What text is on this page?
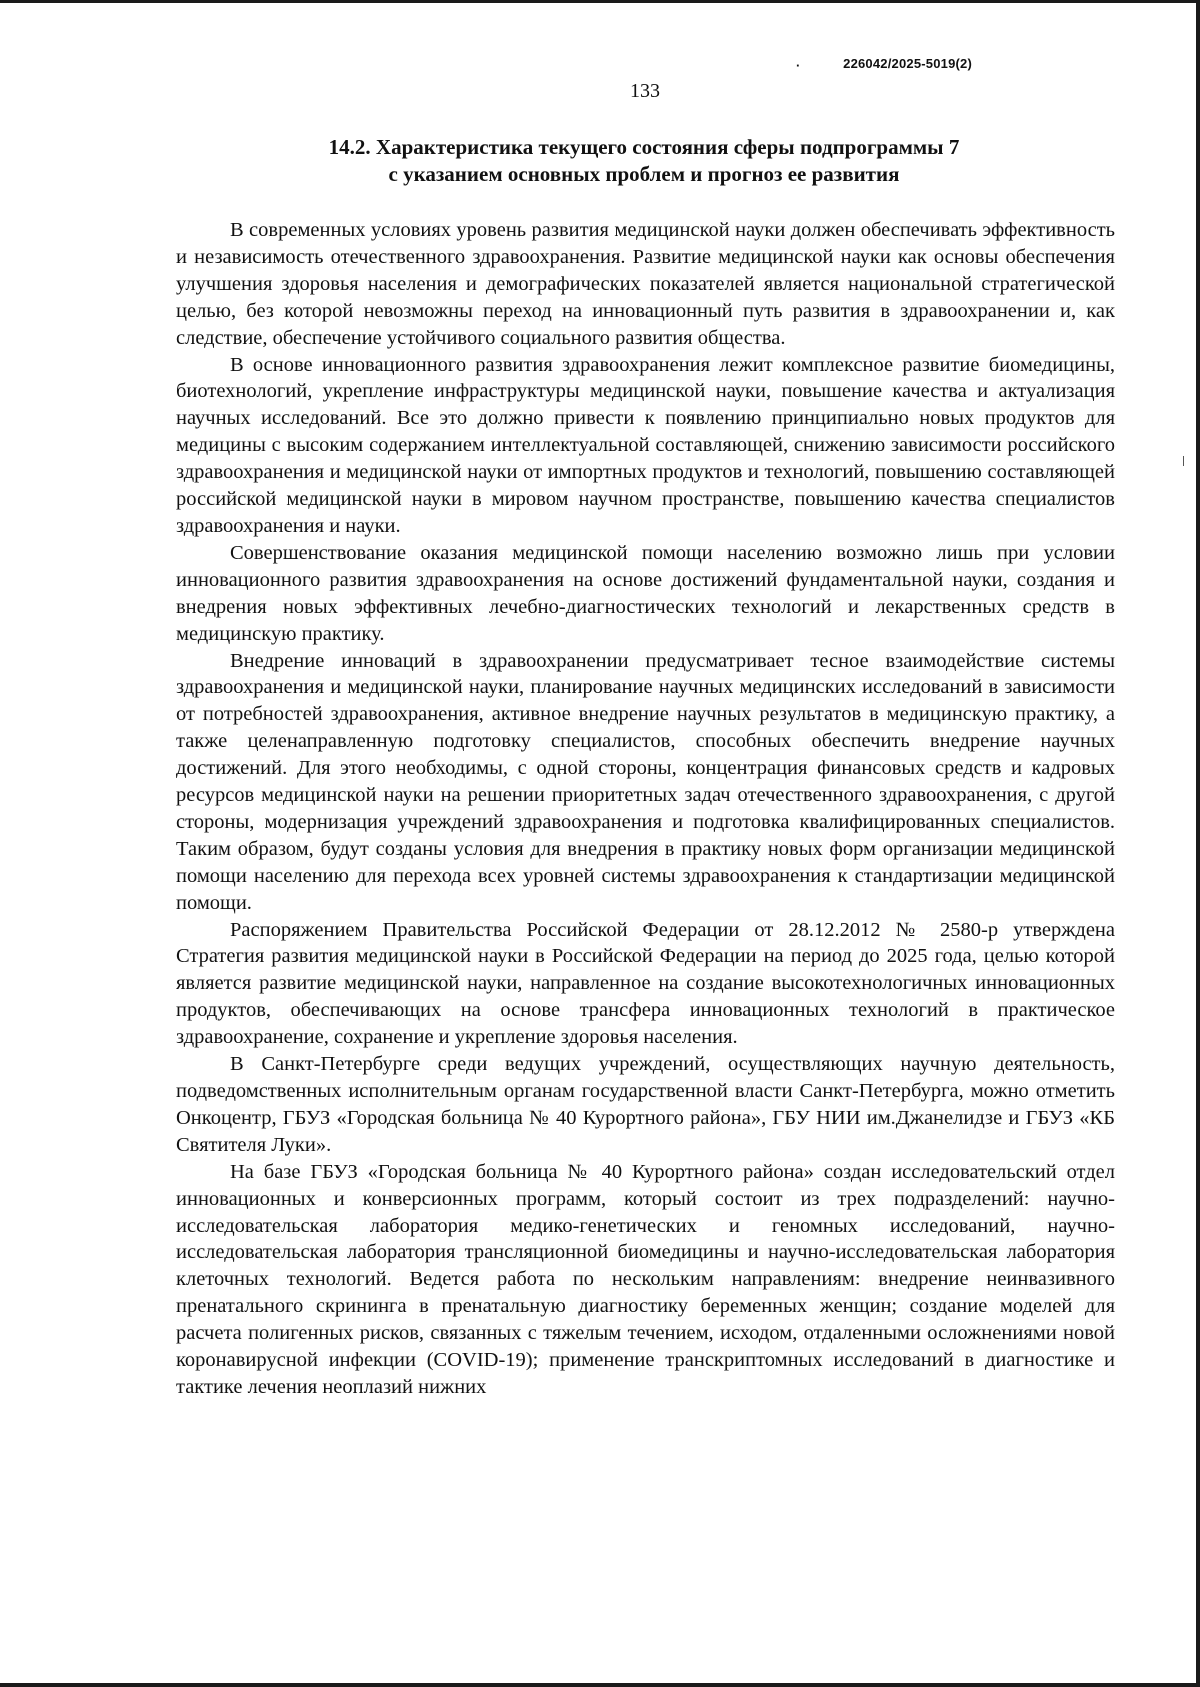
·	226042/2025-5019(2)
133
14.2. Характеристика текущего состояния сферы подпрограммы 7
с указанием основных проблем и прогноз ее развития

В современных условиях уровень развития медицинской науки должен обеспечивать эффективность и независимость отечественного здравоохранения. Развитие медицинской науки как основы обеспечения улучшения здоровья населения и демографических показателей является национальной стратегической целью, без которой невозможны переход на инновационный путь развития в здравоохранении и, как следствие, обеспечение устойчивого социального развития общества.

В основе инновационного развития здравоохранения лежит комплексное развитие биомедицины, биотехнологий, укрепление инфраструктуры медицинской науки, повышение качества и актуализация научных исследований. Все это должно привести к появлению принципиально новых продуктов для медицины с высоким содержанием интеллектуальной составляющей, снижению зависимости российского здравоохранения и медицинской науки от импортных продуктов и технологий, повышению составляющей российской медицинской науки в мировом научном пространстве, повышению качества специалистов здравоохранения и науки.

Совершенствование оказания медицинской помощи населению возможно лишь при условии инновационного развития здравоохранения на основе достижений фундаментальной науки, создания и внедрения новых эффективных лечебно-диагностических технологий и лекарственных средств в медицинскую практику.

Внедрение инноваций в здравоохранении предусматривает тесное взаимодействие системы здравоохранения и медицинской науки, планирование научных медицинских исследований в зависимости от потребностей здравоохранения, активное внедрение научных результатов в медицинскую практику, а также целенаправленную подготовку специалистов, способных обеспечить внедрение научных достижений. Для этого необходимы, с одной стороны, концентрация финансовых средств и кадровых ресурсов медицинской науки на решении приоритетных задач отечественного здравоохранения, с другой стороны, модернизация учреждений здравоохранения и подготовка квалифицированных специалистов. Таким образом, будут созданы условия для внедрения в практику новых форм организации медицинской помощи населению для перехода всех уровней системы здравоохранения к стандартизации медицинской помощи.

Распоряжением Правительства Российской Федерации от 28.12.2012 № 2580-р утверждена Стратегия развития медицинской науки в Российской Федерации на период до 2025 года, целью которой является развитие медицинской науки, направленное на создание высокотехнологичных инновационных продуктов, обеспечивающих на основе трансфера инновационных технологий в практическое здравоохранение, сохранение и укрепление здоровья населения.

В Санкт-Петербурге среди ведущих учреждений, осуществляющих научную деятельность, подведомственных исполнительным органам государственной власти Санкт-Петербурга, можно отметить Онкоцентр, ГБУЗ «Городская больница № 40 Курортного района», ГБУ НИИ им.Джанелидзе и ГБУЗ «КБ Святителя Луки».

На базе ГБУЗ «Городская больница № 40 Курортного района» создан исследовательский отдел инновационных и конверсионных программ, который состоит из трех подразделений: научно-исследовательская лаборатория медико-генетических и геномных исследований, научно-исследовательская лаборатория трансляционной биомедицины и научно-исследовательская лаборатория клеточных технологий. Ведется работа по нескольким направлениям: внедрение неинвазивного пренатального скрининга в пренатальную диагностику беременных женщин; создание моделей для расчета полигенных рисков, связанных с тяжелым течением, исходом, отдаленными осложнениями новой коронавирусной инфекции (COVID-19); применение транскриптомных исследований в диагностике и тактике лечения неоплазий нижних
